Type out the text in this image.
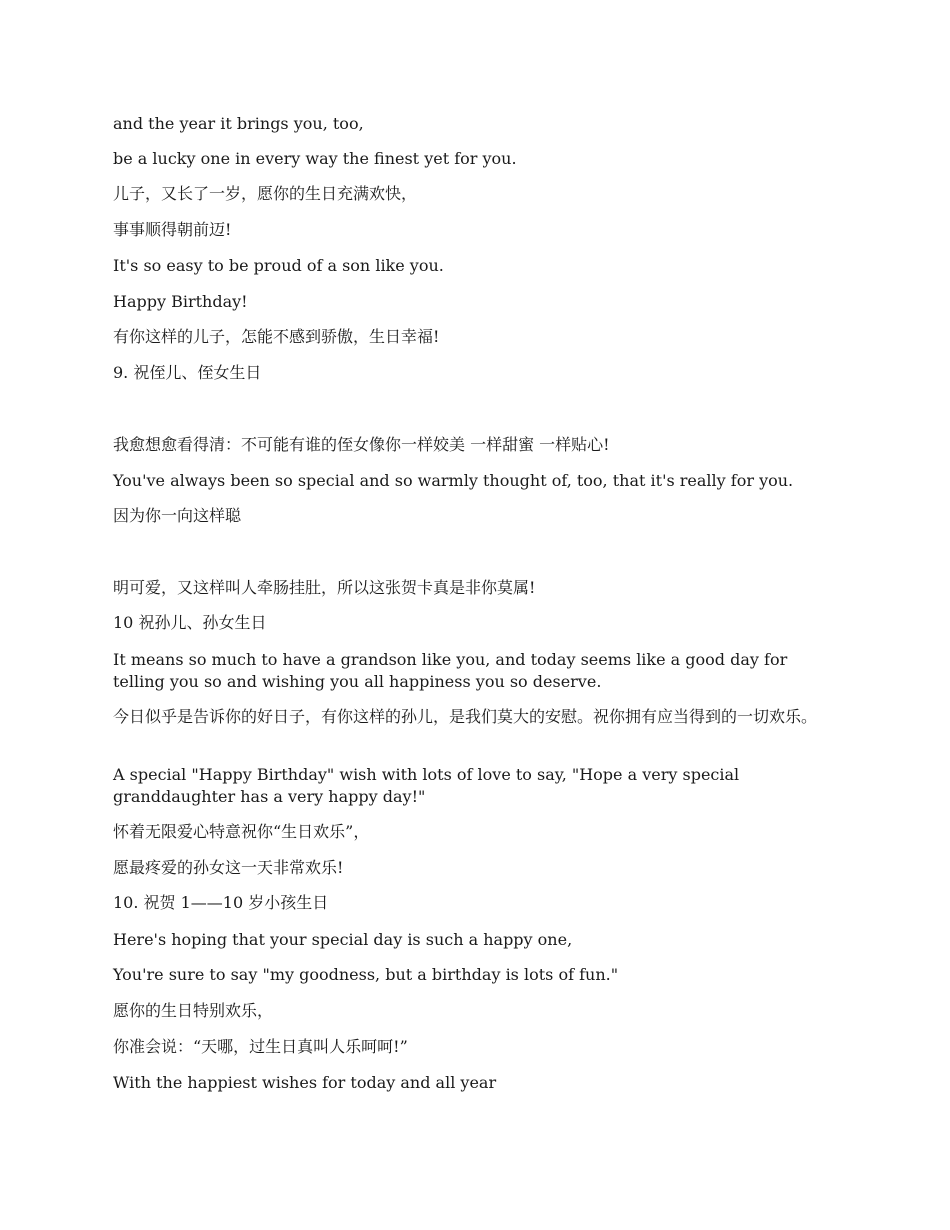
and the year it brings you, too,

be a lucky one in every way the finest yet for you.

儿子，又长了一岁，愿你的生日充满欢快，

事事顺得朝前迈!

It's so easy to be proud of a son like you.

Happy Birthday!

有你这样的儿子，怎能不感到骄傲，生日幸福!

9. 祝侄儿、侄女生日

我愈想愈看得清：不可能有谁的侄女像你一样姣美 一样甜蜜 一样贴心!

You've always been so special and so warmly thought of, too, that it's really for you.

因为你一向这样聪

明可爱，又这样叫人牵肠挂肚，所以这张贺卡真是非你莫属!

10 祝孙儿、孙女生日

It means so much to have a grandson like you, and today seems like a good day for telling you so and wishing you all happiness you so deserve.

今日似乎是告诉你的好日子，有你这样的孙儿，是我们莫大的安慰。祝你拥有应当得到的一切欢乐。

A special "Happy Birthday" wish with lots of love to say, "Hope a very special granddaughter has a very happy day!"

怀着无限爱心特意祝你“生日欢乐”，

愿最疼爱的孙女这一天非常欢乐!

10. 祝贺 1——10 岁小孩生日

Here's hoping that your special day is such a happy one,

You're sure to say "my goodness, but a birthday is lots of fun."

愿你的生日特别欢乐，

你准会说：“天哪，过生日真叫人乐呵呵!”

With the happiest wishes for today and all year
